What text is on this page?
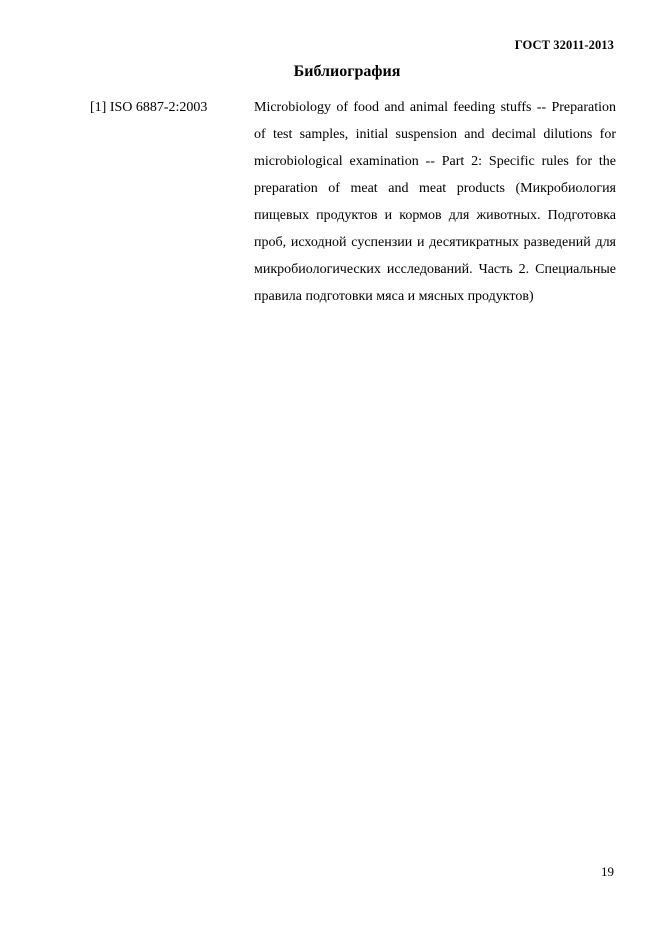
ГОСТ 32011-2013
Библиография
[1] ISO 6887-2:2003	Microbiology of food and animal feeding stuffs -- Preparation of test samples, initial suspension and decimal dilutions for microbiological examination -- Part 2: Specific rules for the preparation of meat and meat products (Микробиология пищевых продуктов и кормов для животных. Подготовка проб, исходной суспензии и десятикратных разведений для микробиологических исследований. Часть 2. Специальные правила подготовки мяса и мясных продуктов)
19
